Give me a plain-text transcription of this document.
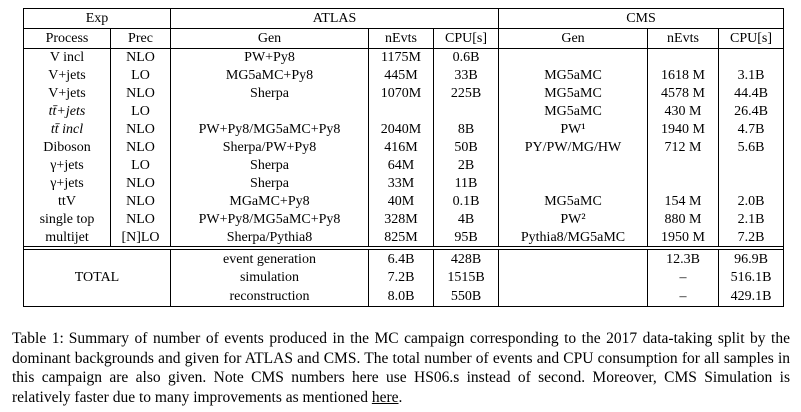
Exp		ATLAS			CMS		
Process	Prec	Gen	nEvts	CPU[s]	Gen	nEvts	CPU[s]
V incl	NLO	PW+Py8	1175M	0.6B			
V+jets	LO	MG5aMC+Py8	445M	33B	MG5aMC	1618 M	3.1B
V+jets	NLO	Sherpa	1070M	225B	MG5aMC	4578 M	44.4B
tt̄+jets	LO				MG5aMC	430 M	26.4B
tt̄ incl	NLO	PW+Py8/MG5aMC+Py8	2040M	8B	PW¹	1940 M	4.7B
Diboson	NLO	Sherpa/PW+Py8	416M	50B	PY/PW/MG/HW	712 M	5.6B
γ+jets	LO	Sherpa	64M	2B			
γ+jets	NLO	Sherpa	33M	11B			
ttV	NLO	MGaMC+Py8	40M	0.1B	MG5aMC	154 M	2.0B
single top	NLO	PW+Py8/MG5aMC+Py8	328M	4B	PW²	880 M	2.1B
multijet	[N]LO	Sherpa/Pythia8	825M	95B	Pythia8/MG5aMC	1950 M	7.2B

TOTAL		event generation	6.4B	428B		12.3B	96.9B
		simulation	7.2B	1515B		–	516.1B
		reconstruction	8.0B	550B		–	429.1B
Table 1: Summary of number of events produced in the MC campaign corresponding to the 2017 data-taking split by the dominant backgrounds and given for ATLAS and CMS. The total number of events and CPU consumption for all samples in this campaign are also given. Note CMS numbers here use HS06.s instead of second. Moreover, CMS Simulation is relatively faster due to many improvements as mentioned here.
